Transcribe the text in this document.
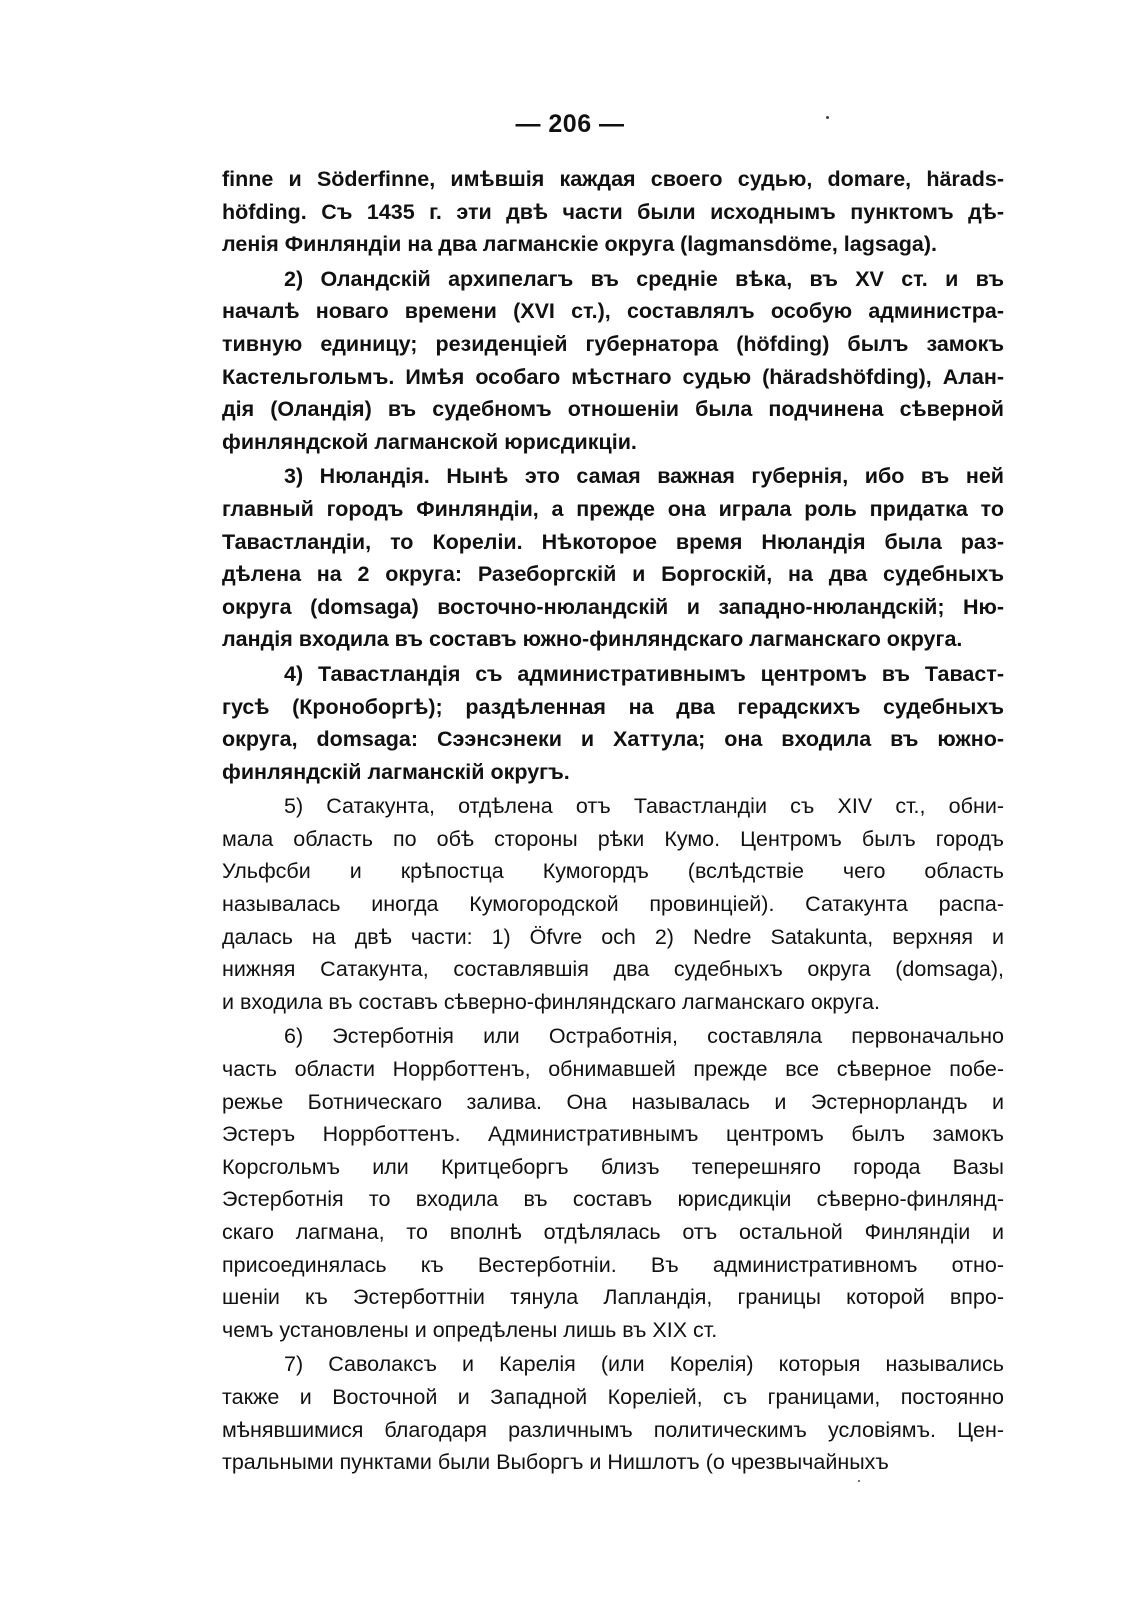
— 206 —
finne и Söderfinne, имѣвшія каждая своего судью, domare, härads-
höfding. Съ 1435 г. эти двѣ части были исходнымъ пунктомъ дѣ-
ленія Финляндіи на два лагманскіе округа (lagmansdöme, lagsaga).
2) Оландскій архипелагъ въ средніе вѣка, въ XV ст. и въ
началѣ новаго времени (XVI ст.), составлялъ особую администра-
тивную единицу; резиденціей губернатора (höfding) былъ замокъ
Кастельгольмъ. Имѣя особаго мѣстнаго судью (häradshöfding), Алан-
дія (Оландія) въ судебномъ отношеніи была подчинена сѣверной
финляндской лагманской юрисдикціи.
3) Нюландія. Нынѣ это самая важная губернія, ибо въ ней
главный городъ Финляндіи, а прежде она играла роль придатка то
Тавастландіи, то Кореліи. Нѣкоторое время Нюландія была раз-
дѣлена на 2 округа: Разеборгскій и Боргоскій, на два судебныхъ
округа (domsaga) восточно-нюландскій и западно-нюландскій; Ню-
ландія входила въ составъ южно-финляндскаго лагманскаго округа.
4) Тавастландія съ административнымъ центромъ въ Таваст-
гусѣ (Кроноборгѣ); раздѣленная на два герадскихъ судебныхъ
округа, domsaga: Сээнсэнеки и Хаттула; она входила въ южно-
финляндскій лагманскій округъ.
5) Сатакунта, отдѣлена отъ Тавастландіи съ XIV ст., обни-
мала область по обѣ стороны рѣки Кумо. Центромъ былъ городъ
Ульфсби и крѣпостца Кумогордъ (вслѣдствіе чего область
называлась иногда Кумогородской провинціей). Сатакунта распа-
далась на двѣ части: 1) Öfvre och 2) Nedre Satakunta, верхняя и
нижняя Сатакунта, составлявшія два судебныхъ округа (domsaga),
и входила въ составъ сѣверно-финляндскаго лагманскаго округа.
6) Эстерботнія или Остработнія, составляла первоначально
часть области Норрботтенъ, обнимавшей прежде все сѣверное побе-
режье Ботническаго залива. Она называлась и Эстернорландъ и
Эстеръ Норрботтенъ. Административнымъ центромъ былъ замокъ
Корсгольмъ или Критцеборгъ близъ теперешняго города Вазы
Эстерботнія то входила въ составъ юрисдикціи сѣверно-финлянд-
скаго лагмана, то вполнѣ отдѣлялась отъ остальной Финляндіи и
присоединялась къ Вестерботніи. Въ административномъ отно-
шеніи къ Эстерботтніи тянула Лапландія, границы которой впро-
чемъ установлены и опредѣлены лишь въ XIX ст.
7) Саволаксъ и Карелія (или Корелія) которыя назывались
также и Восточной и Западной Кореліей, съ границами, постоянно
мѣнявшимися благодаря различнымъ политическимъ условіямъ. Цен-
тральными пунктами были Выборгъ и Нишлотъ (о чрезвычайныхъ
